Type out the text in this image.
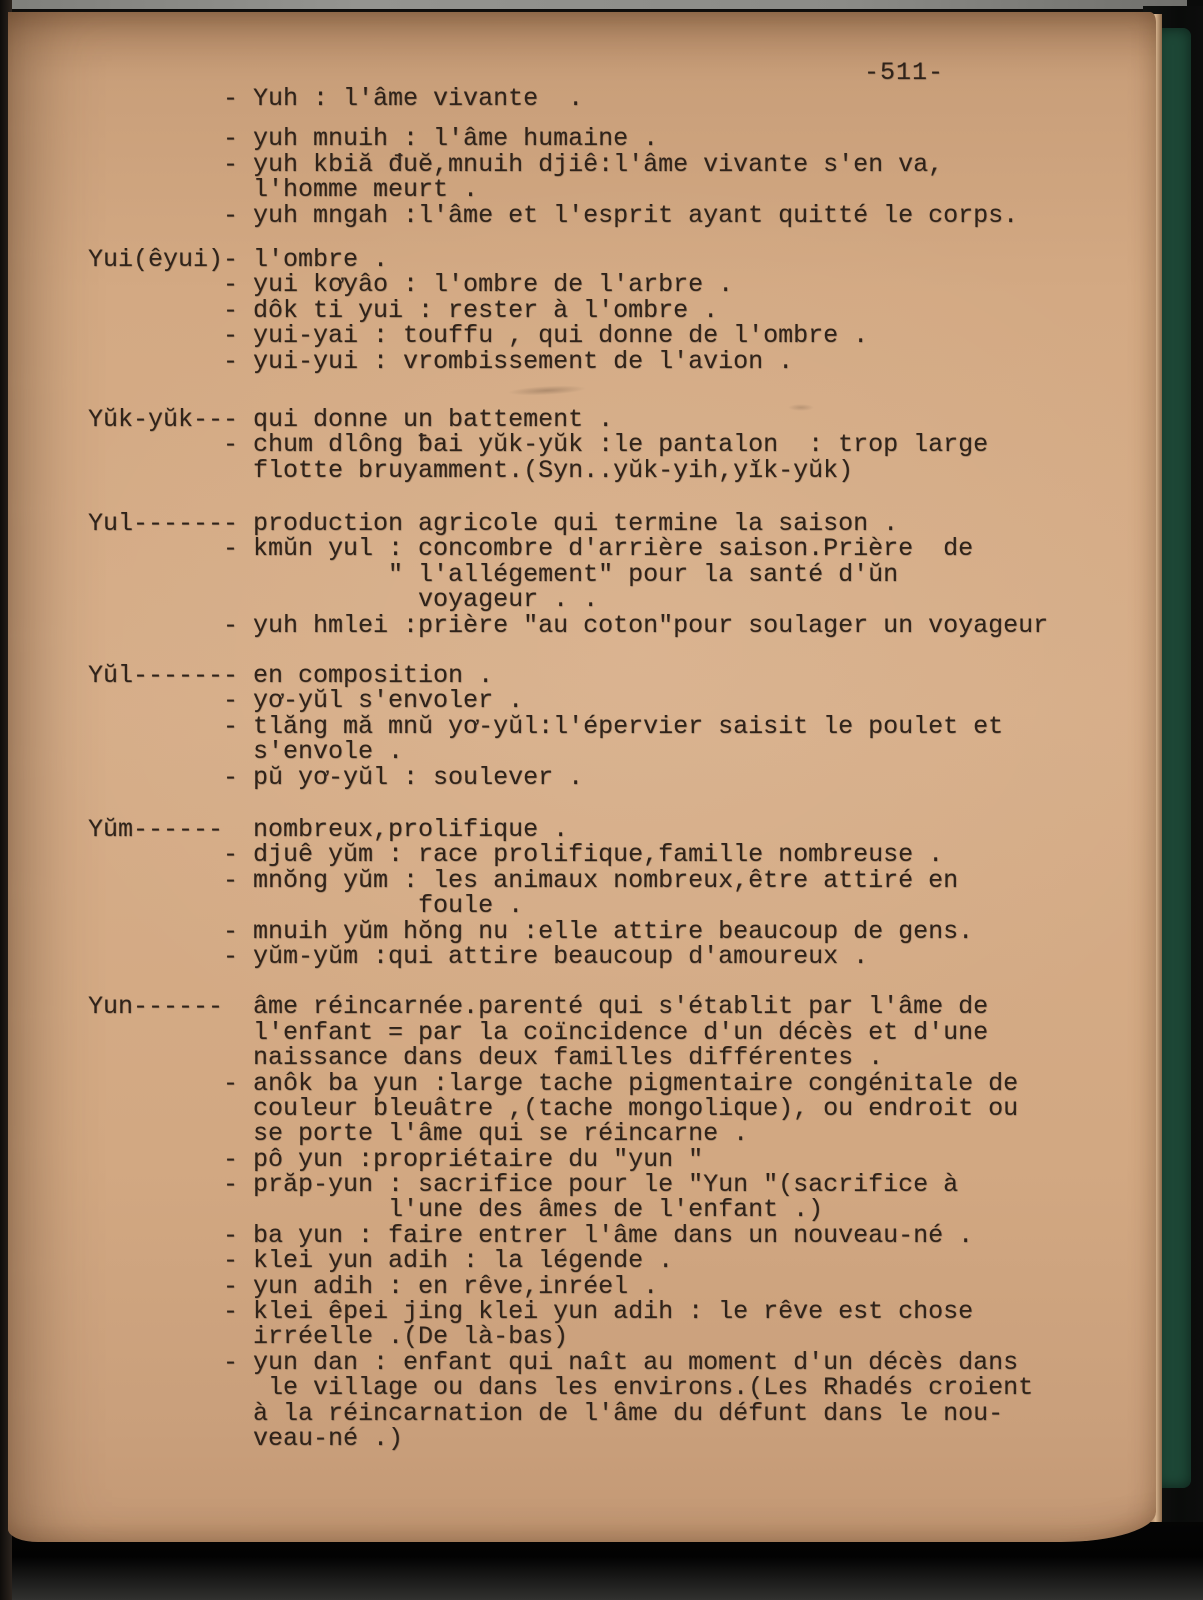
-511-
- Yuh : l'âme vivante  .
- yuh mnuih : l'âme humaine .
- yuh kbiă đuĕ,mnuih djiê:l'âme vivante s'en va,
l'homme meurt .
- yuh mngah :l'âme et l'esprit ayant quitté le corps.
Yui(êyui)- l'ombre .
- yui kơyâo : l'ombre de l'arbre .
- dôk ti yui : rester à l'ombre .
- yui-yai : touffu , qui donne de l'ombre .
- yui-yui : vrombissement de l'avion .
Yŭk-yŭk--- qui donne un battement .
- chum dlông ƀai yŭk-yŭk :le pantalon  : trop large
flotte bruyamment.(Syn..yŭk-yih,yĭk-yŭk)
Yul------- production agricole qui termine la saison .
- kmŭn yul : concombre d'arrière saison.Prière  de
" l'allégement" pour la santé d'ŭn
voyageur . .
- yuh hmlei :prière "au coton"pour soulager un voyageur
Yŭl------- en composition .
- yơ-yŭl s'envoler .
- tlăng mă mnŭ yơ-yŭl:l'épervier saisit le poulet et
s'envole .
- pŭ yơ-yŭl : soulever .
Yŭm------  nombreux,prolifique .
- djuê yŭm : race prolifique,famille nombreuse .
- mnŏng yŭm : les animaux nombreux,être attiré en
foule .
- mnuih yŭm hŏng nu :elle attire beaucoup de gens.
- yŭm-yŭm :qui attire beaucoup d'amoureux .
Yun------  âme réincarnée.parenté qui s'établit par l'âme de
l'enfant = par la coïncidence d'un décès et d'une
naissance dans deux familles différentes .
- anôk ba yun :large tache pigmentaire congénitale de
couleur bleuâtre ,(tache mongolique), ou endroit ou
se porte l'âme qui se réincarne .
- pô yun :propriétaire du "yun "
- prăp-yun : sacrifice pour le "Yun "(sacrifice à
l'une des âmes de l'enfant .)
- ba yun : faire entrer l'âme dans un nouveau-né .
- klei yun adih : la légende .
- yun adih : en rêve,inréel .
- klei êpei jing klei yun adih : le rêve est chose
irréelle .(De là-bas)
- yun dan : enfant qui naît au moment d'un décès dans
le village ou dans les environs.(Les Rhadés croient
à la réincarnation de l'âme du défunt dans le nou-
veau-né .)
